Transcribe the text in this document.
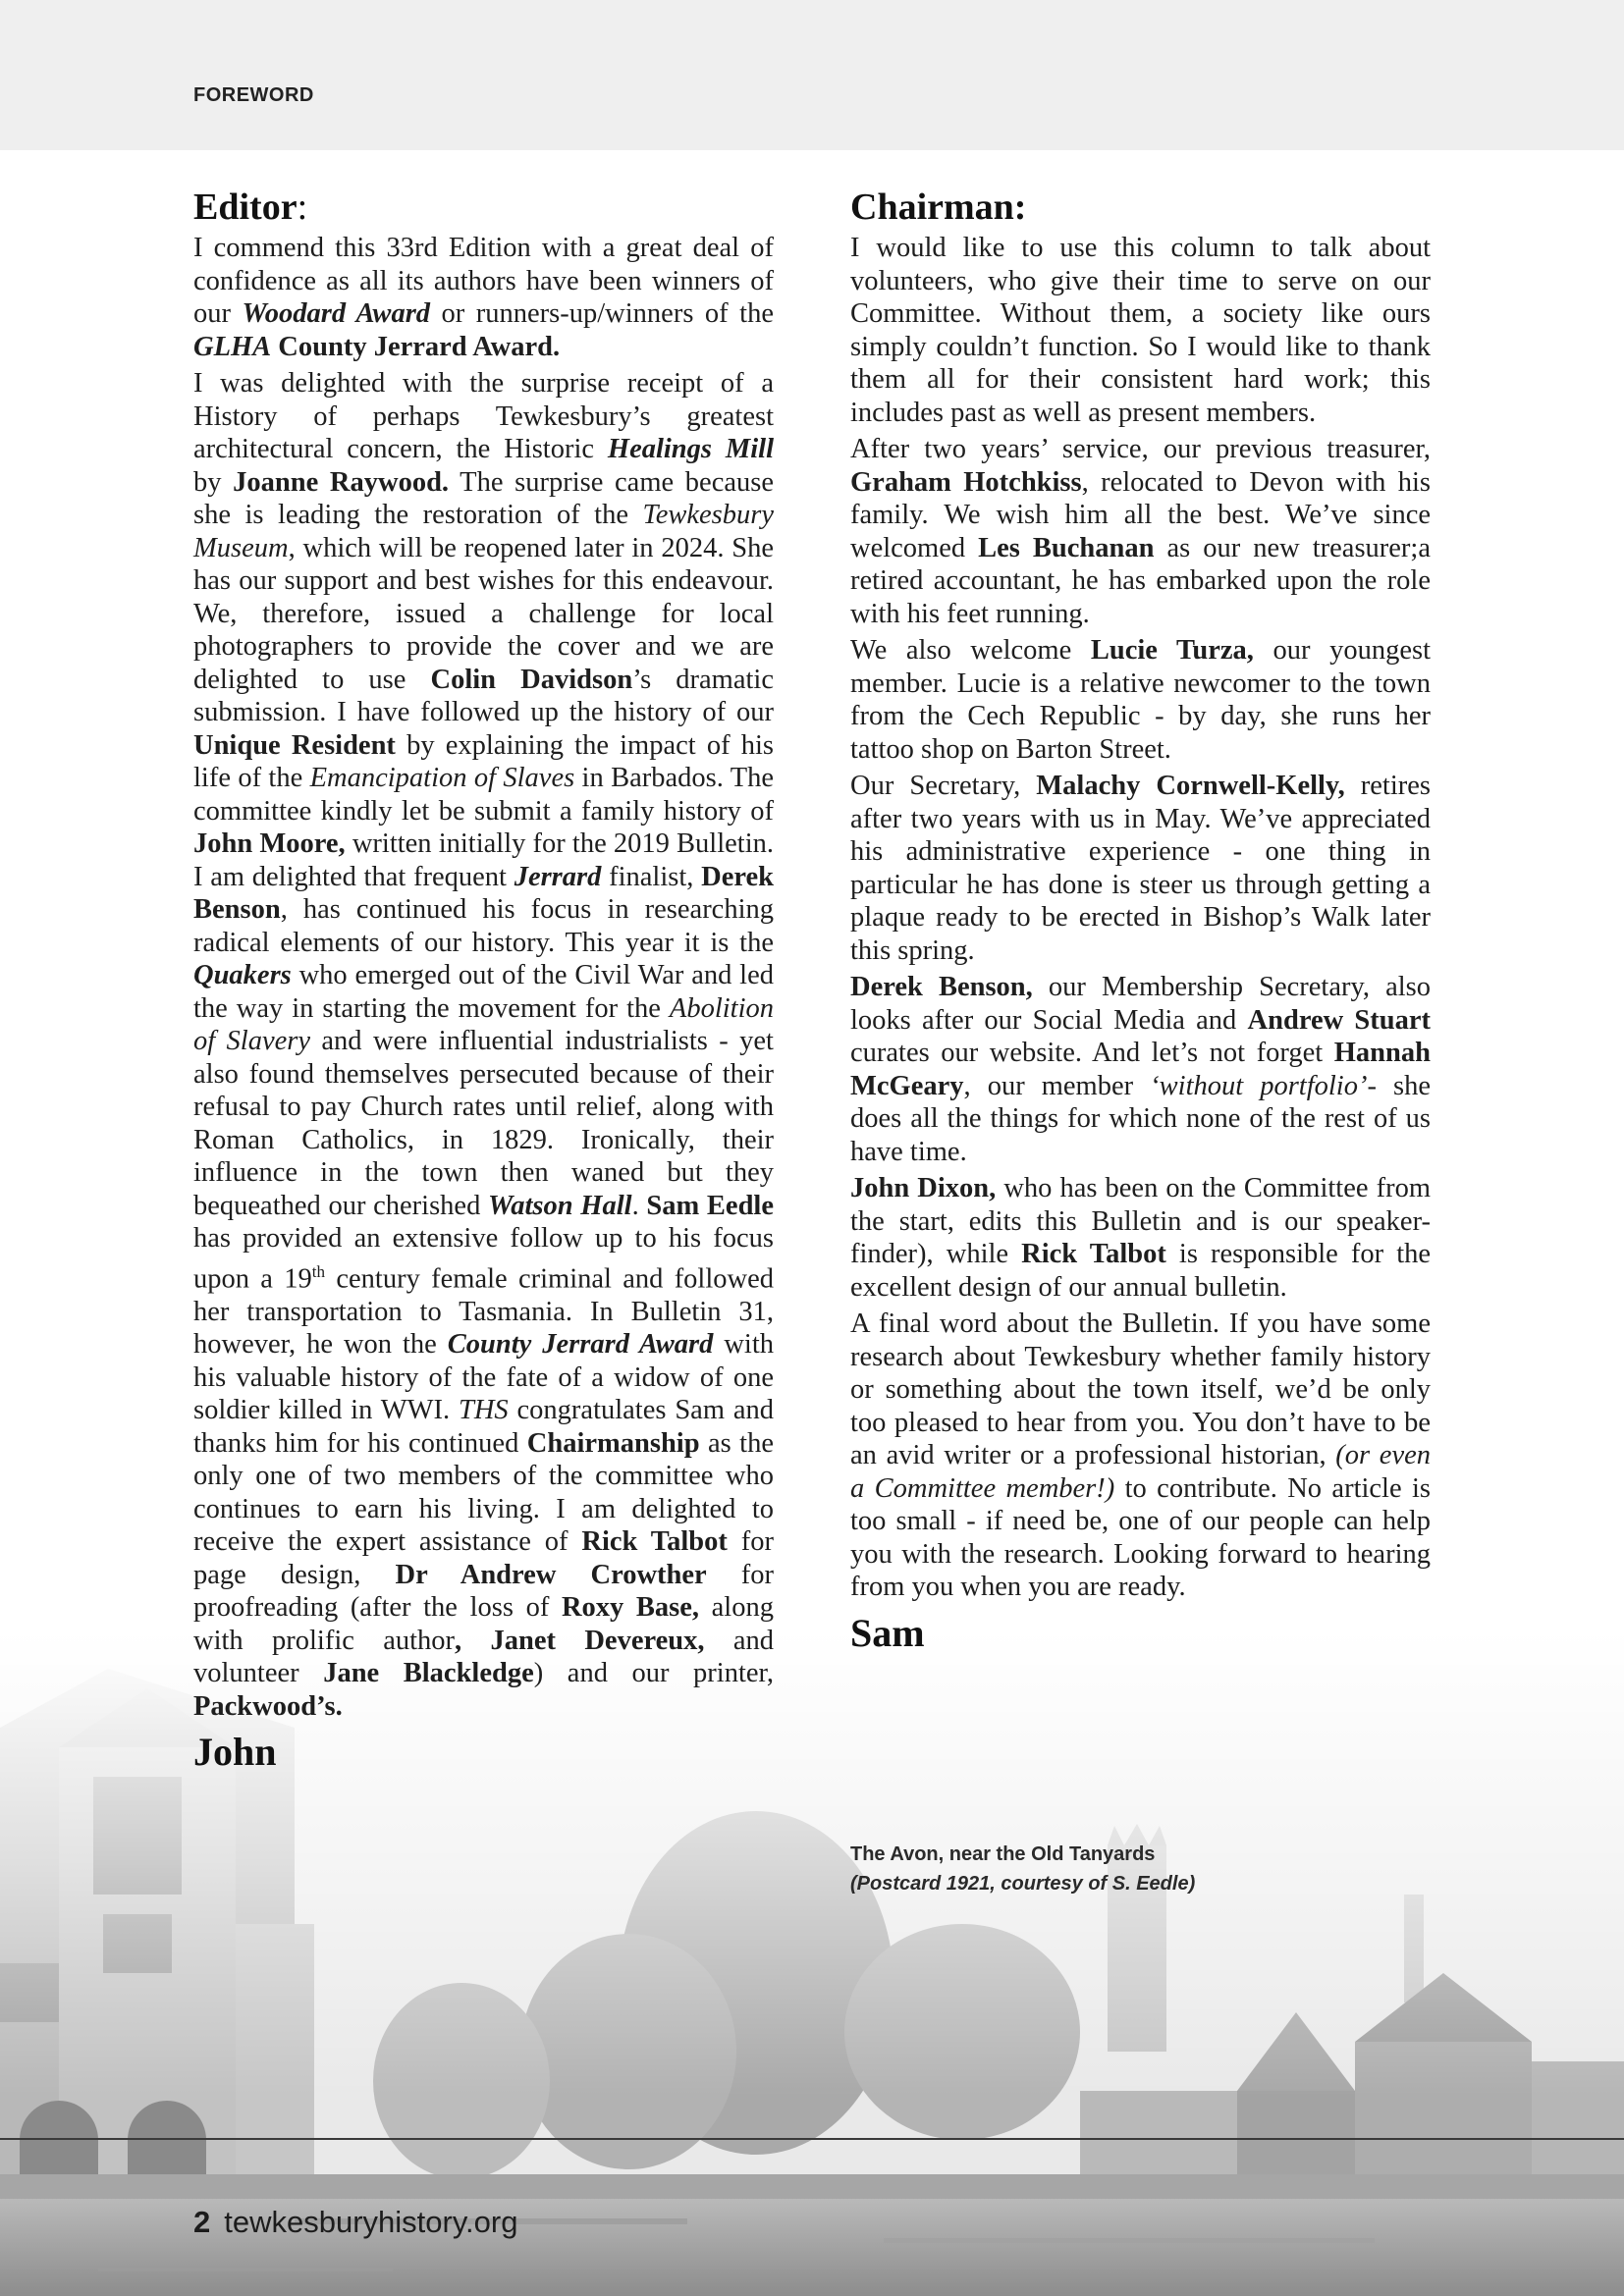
FOREWORD
Editor:

I commend this 33rd Edition with a great deal of confidence as all its authors have been winners of our Woodard Award or runners-up/winners of the GLHA County Jerrard Award.

I was delighted with the surprise receipt of a History of perhaps Tewkesbury’s greatest architectural concern, the Historic Healings Mill by Joanne Raywood. The surprise came because she is leading the restoration of the Tewkesbury Museum, which will be reopened later in 2024. She has our support and best wishes for this endeavour. We, therefore, issued a challenge for local photographers to provide the cover and we are delighted to use Colin Davidson’s dramatic submission. I have followed up the history of our Unique Resident by explaining the impact of his life of the Emancipation of Slaves in Barbados. The committee kindly let be submit a family history of John Moore, written initially for the 2019 Bulletin. I am delighted that frequent Jerrard finalist, Derek Benson, has continued his focus in researching radical elements of our history. This year it is the Quakers who emerged out of the Civil War and led the way in starting the movement for the Abolition of Slavery and were influential industrialists - yet also found themselves persecuted because of their refusal to pay Church rates until relief, along with Roman Catholics, in 1829. Ironically, their influence in the town then waned but they bequeathed our cherished Watson Hall. Sam Eedle has provided an extensive follow up to his focus upon a 19th century female criminal and followed her transportation to Tasmania. In Bulletin 31, however, he won the County Jerrard Award with his valuable history of the fate of a widow of one soldier killed in WWI. THS congratulates Sam and thanks him for his continued Chairmanship as the only one of two members of the committee who continues to earn his living. I am delighted to receive the expert assistance of Rick Talbot for page design, Dr Andrew Crowther for proofreading (after the loss of Roxy Base, along with prolific author, Janet Devereux, and volunteer Jane Blackledge) and our printer, Packwood’s.

John
Chairman:

I would like to use this column to talk about volunteers, who give their time to serve on our Committee. Without them, a society like ours simply couldn’t function. So I would like to thank them all for their consistent hard work; this includes past as well as present members.

After two years’ service, our previous treasurer, Graham Hotchkiss, relocated to Devon with his family. We wish him all the best. We’ve since welcomed Les Buchanan as our new treasurer;a retired accountant, he has embarked upon the role with his feet running.

We also welcome Lucie Turza, our youngest member. Lucie is a relative newcomer to the town from the Cech Republic - by day, she runs her tattoo shop on Barton Street.

Our Secretary, Malachy Cornwell-Kelly, retires after two years with us in May. We’ve appreciated his administrative experience - one thing in particular he has done is steer us through getting a plaque ready to be erected in Bishop’s Walk later this spring.

Derek Benson, our Membership Secretary, also looks after our Social Media and Andrew Stuart curates our website. And let’s not forget Hannah McGeary, our member ‘without portfolio’- she does all the things for which none of the rest of us have time.

John Dixon, who has been on the Committee from the start, edits this Bulletin and is our speaker-finder), while Rick Talbot is responsible for the excellent design of our annual bulletin.

A final word about the Bulletin. If you have some research about Tewkesbury whether family history or something about the town itself, we’d be only too pleased to hear from you. You don’t have to be an avid writer or a professional historian, (or even a Committee member!) to contribute. No article is too small - if need be, one of our people can help you with the research. Looking forward to hearing from you when you are ready.

Sam
The Avon, near the Old Tanyards
(Postcard 1921, courtesy of S. Eedle)
2 tewkesburyhistory.org
